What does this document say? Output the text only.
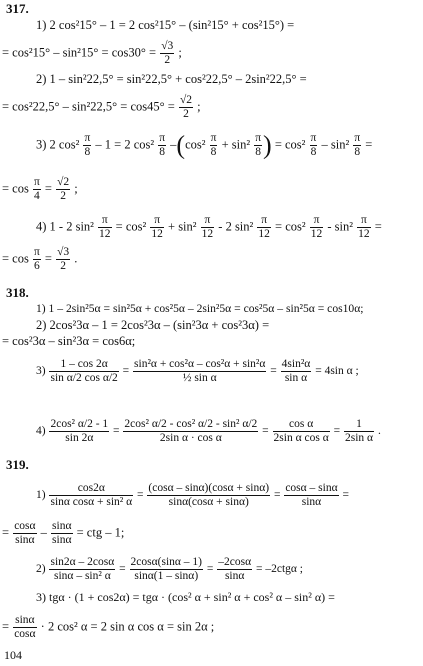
317.
1) 2 cos²15° – 1 = 2 cos²15° – (sin²15° + cos²15°) =
= $\cos^215^\circ - \sin^215^\circ = \cos 30^\circ = \frac{√3}{2}$ ;
2) 1 – sin²22,5° = sin²22,5° + cos²22,5° – 2sin²22,5° =
= $\cos^222,5^\circ - \sin^222,5^\circ = \cos 45^\circ = \frac{√2}{2}$ ;
3) 2 $\cos^2 \frac{\pi}{8} - 1 = 2$ $\cos^2 \frac{\pi}{8} -(\cos^2 \frac{\pi}{8} + \sin^2 \frac{\pi}{8}$ ) = $\cos^2 \frac{\pi}{8} - \sin^2 \frac{\pi}{8}$ =
= $\cos \frac{\pi}{4} = \frac{√2}{2}$ ;
4) 1 - 2 $\sin^2 \frac{\pi}{12} = \cos^2 \frac{\pi}{12} + \sin^2 \frac{\pi}{12} - 2$ $\sin^2 \frac{\pi}{12} = \cos^2 \frac{\pi}{12} - \sin^2 \frac{\pi}{12}$ =
= $\cos \frac{\pi}{6} = \frac{√3}{2}$ .
318.
1) 1 – 2sin²5α = sin²5α + cos²5α – 2sin²5α = cos²5α – sin²5α = cos10α;
2) 2cos²3α – 1 = 2cos²3α – (sin²3α + cos²3α) =
= cos²3α – sin²3α = cos6α;
$3) \frac{1 - \cos 2\alpha}{\text{sin α/2 cos α/2}} = \frac{\text{sin²α + cos²α – cos²α + sin²α}}{\text{½ sin α}} = \frac{\text{4sin²α}}{\text{sin α}} = 4\sin$ α ;
$4) \frac{\text{2cos² α/2 - 1}}{\sin 2\alpha} = \frac{\text{2cos² α/2 - cos² α/2 - sin² α/2}}{\text{2sin α · cos α}} = \frac{\text{cos α}}{\text{2sin α cos α}} = \frac{1}{\text{2sin α}}$ .
319.
$1) \frac{\cos 2\alpha}{\text{sinα cosα + sin² α}} = \frac{(\cos\alpha - \sin\alpha)(\cos\alpha + \sin\alpha)}{\sin\alpha(\cos\alpha + \sin\alpha)} = \frac{\cos\alpha - \sin\alpha}{\sin\alpha}$ =
= $\frac{\cos\alpha}{\sin\alpha} - \frac{\sin\alpha}{\sin\alpha}$ = ctg – 1;
$2) \frac{\sin 2\alpha - 2\cos\alpha}{\text{sinα – sin² α}} = \frac{2\cos\alpha(\sin\alpha - 1)}{\sin\alpha(1 - \sin\alpha)} = \frac{-2\cos\alpha}{\sin\alpha} = -2ctg\alpha$ ;
3) tgα · (1 + cos2α) = tgα · (cos² α + sin² α + cos² α – sin² α) =
= $\frac{\sin\alpha}{\cos\alpha} \cdot 2$ cos² α = 2 sin α cos α = sin 2α ;
104
